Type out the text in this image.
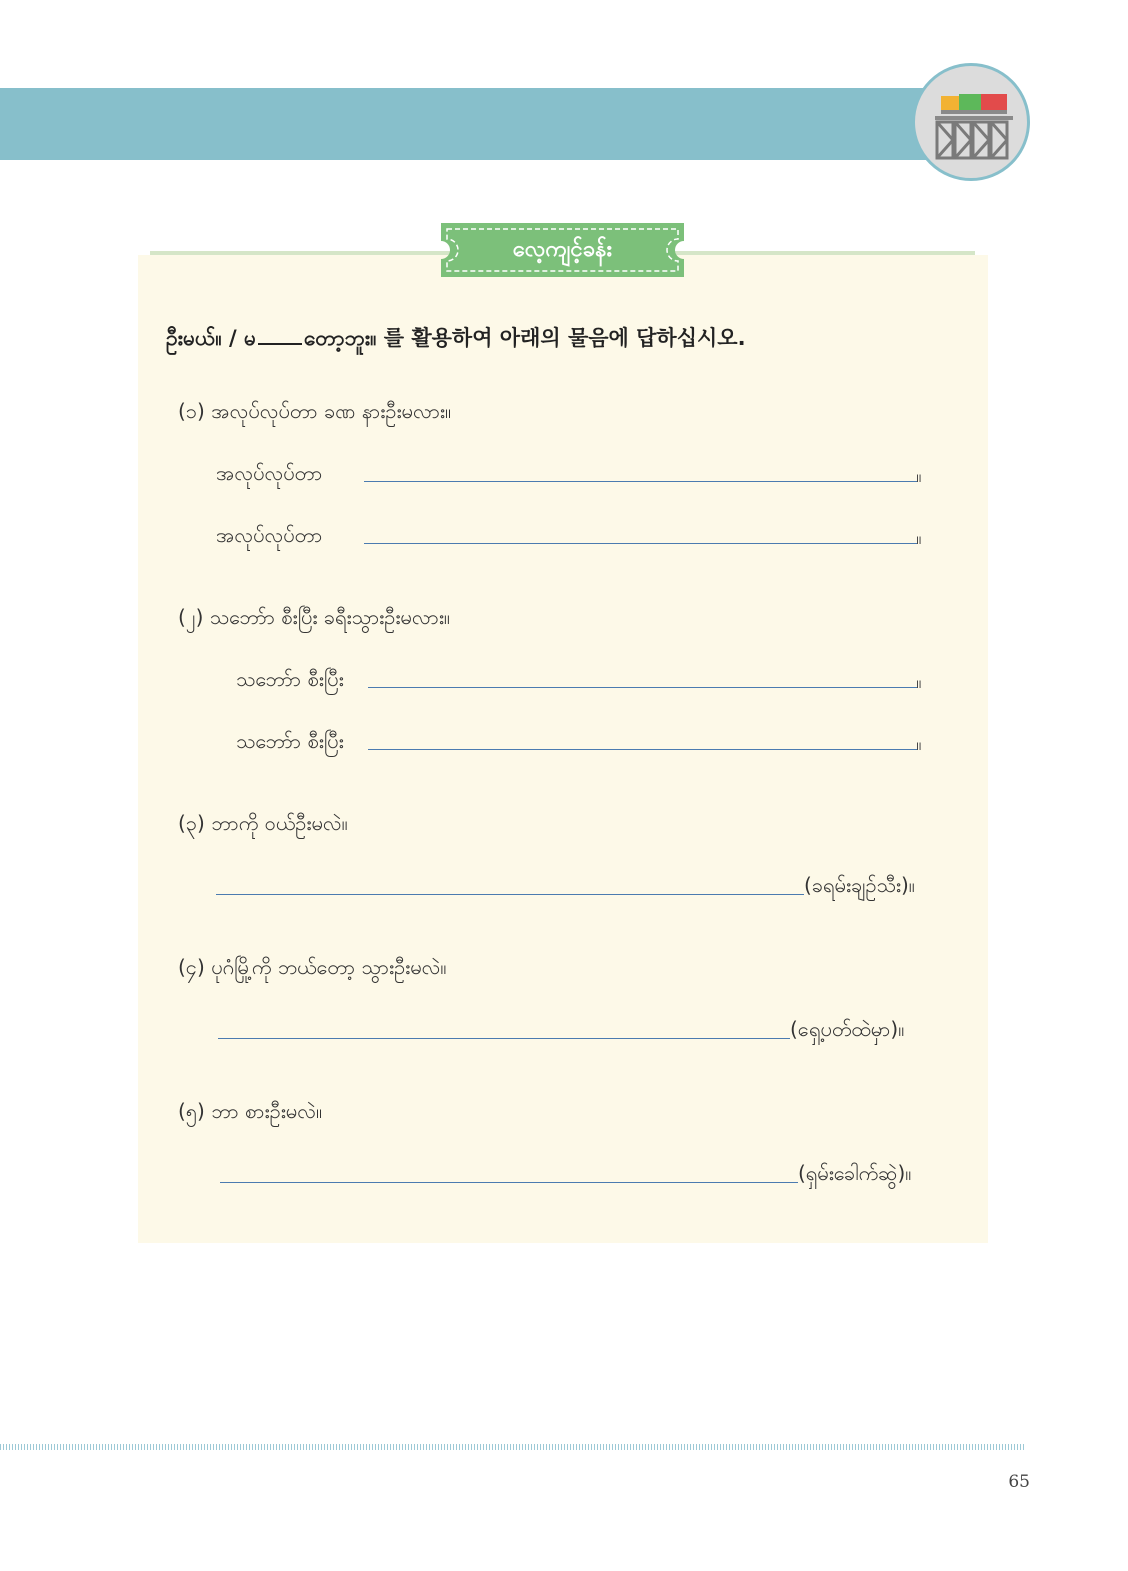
လေ့ကျင့်ခန်း
ဦးမယ်။ / မ တော့ဘူး။ 를 활용하여 아래의 물음에 답하십시오.
(၁) အလုပ်လုပ်တာ ခဏ နားဦးမလား။
အလုပ်လုပ်တာ	။
အလုပ်လုပ်တာ	။
(၂) သဘော်ာ စီးပြီး ခရီးသွားဦးမလား။
သဘော်ာ စီးပြီး	။
သဘော်ာ စီးပြီး	။
(၃) ဘာကို ဝယ်ဦးမလဲ။
(ခရမ်းချဉ်သီး)။
(၄) ပုဂံမြို့ကို ဘယ်တော့ သွားဦးမလဲ။
(ရှေ့ပတ်ထဲမှာ)။
(၅) ဘာ စားဦးမလဲ။
(ရှမ်းခေါက်ဆွဲ)။
65
